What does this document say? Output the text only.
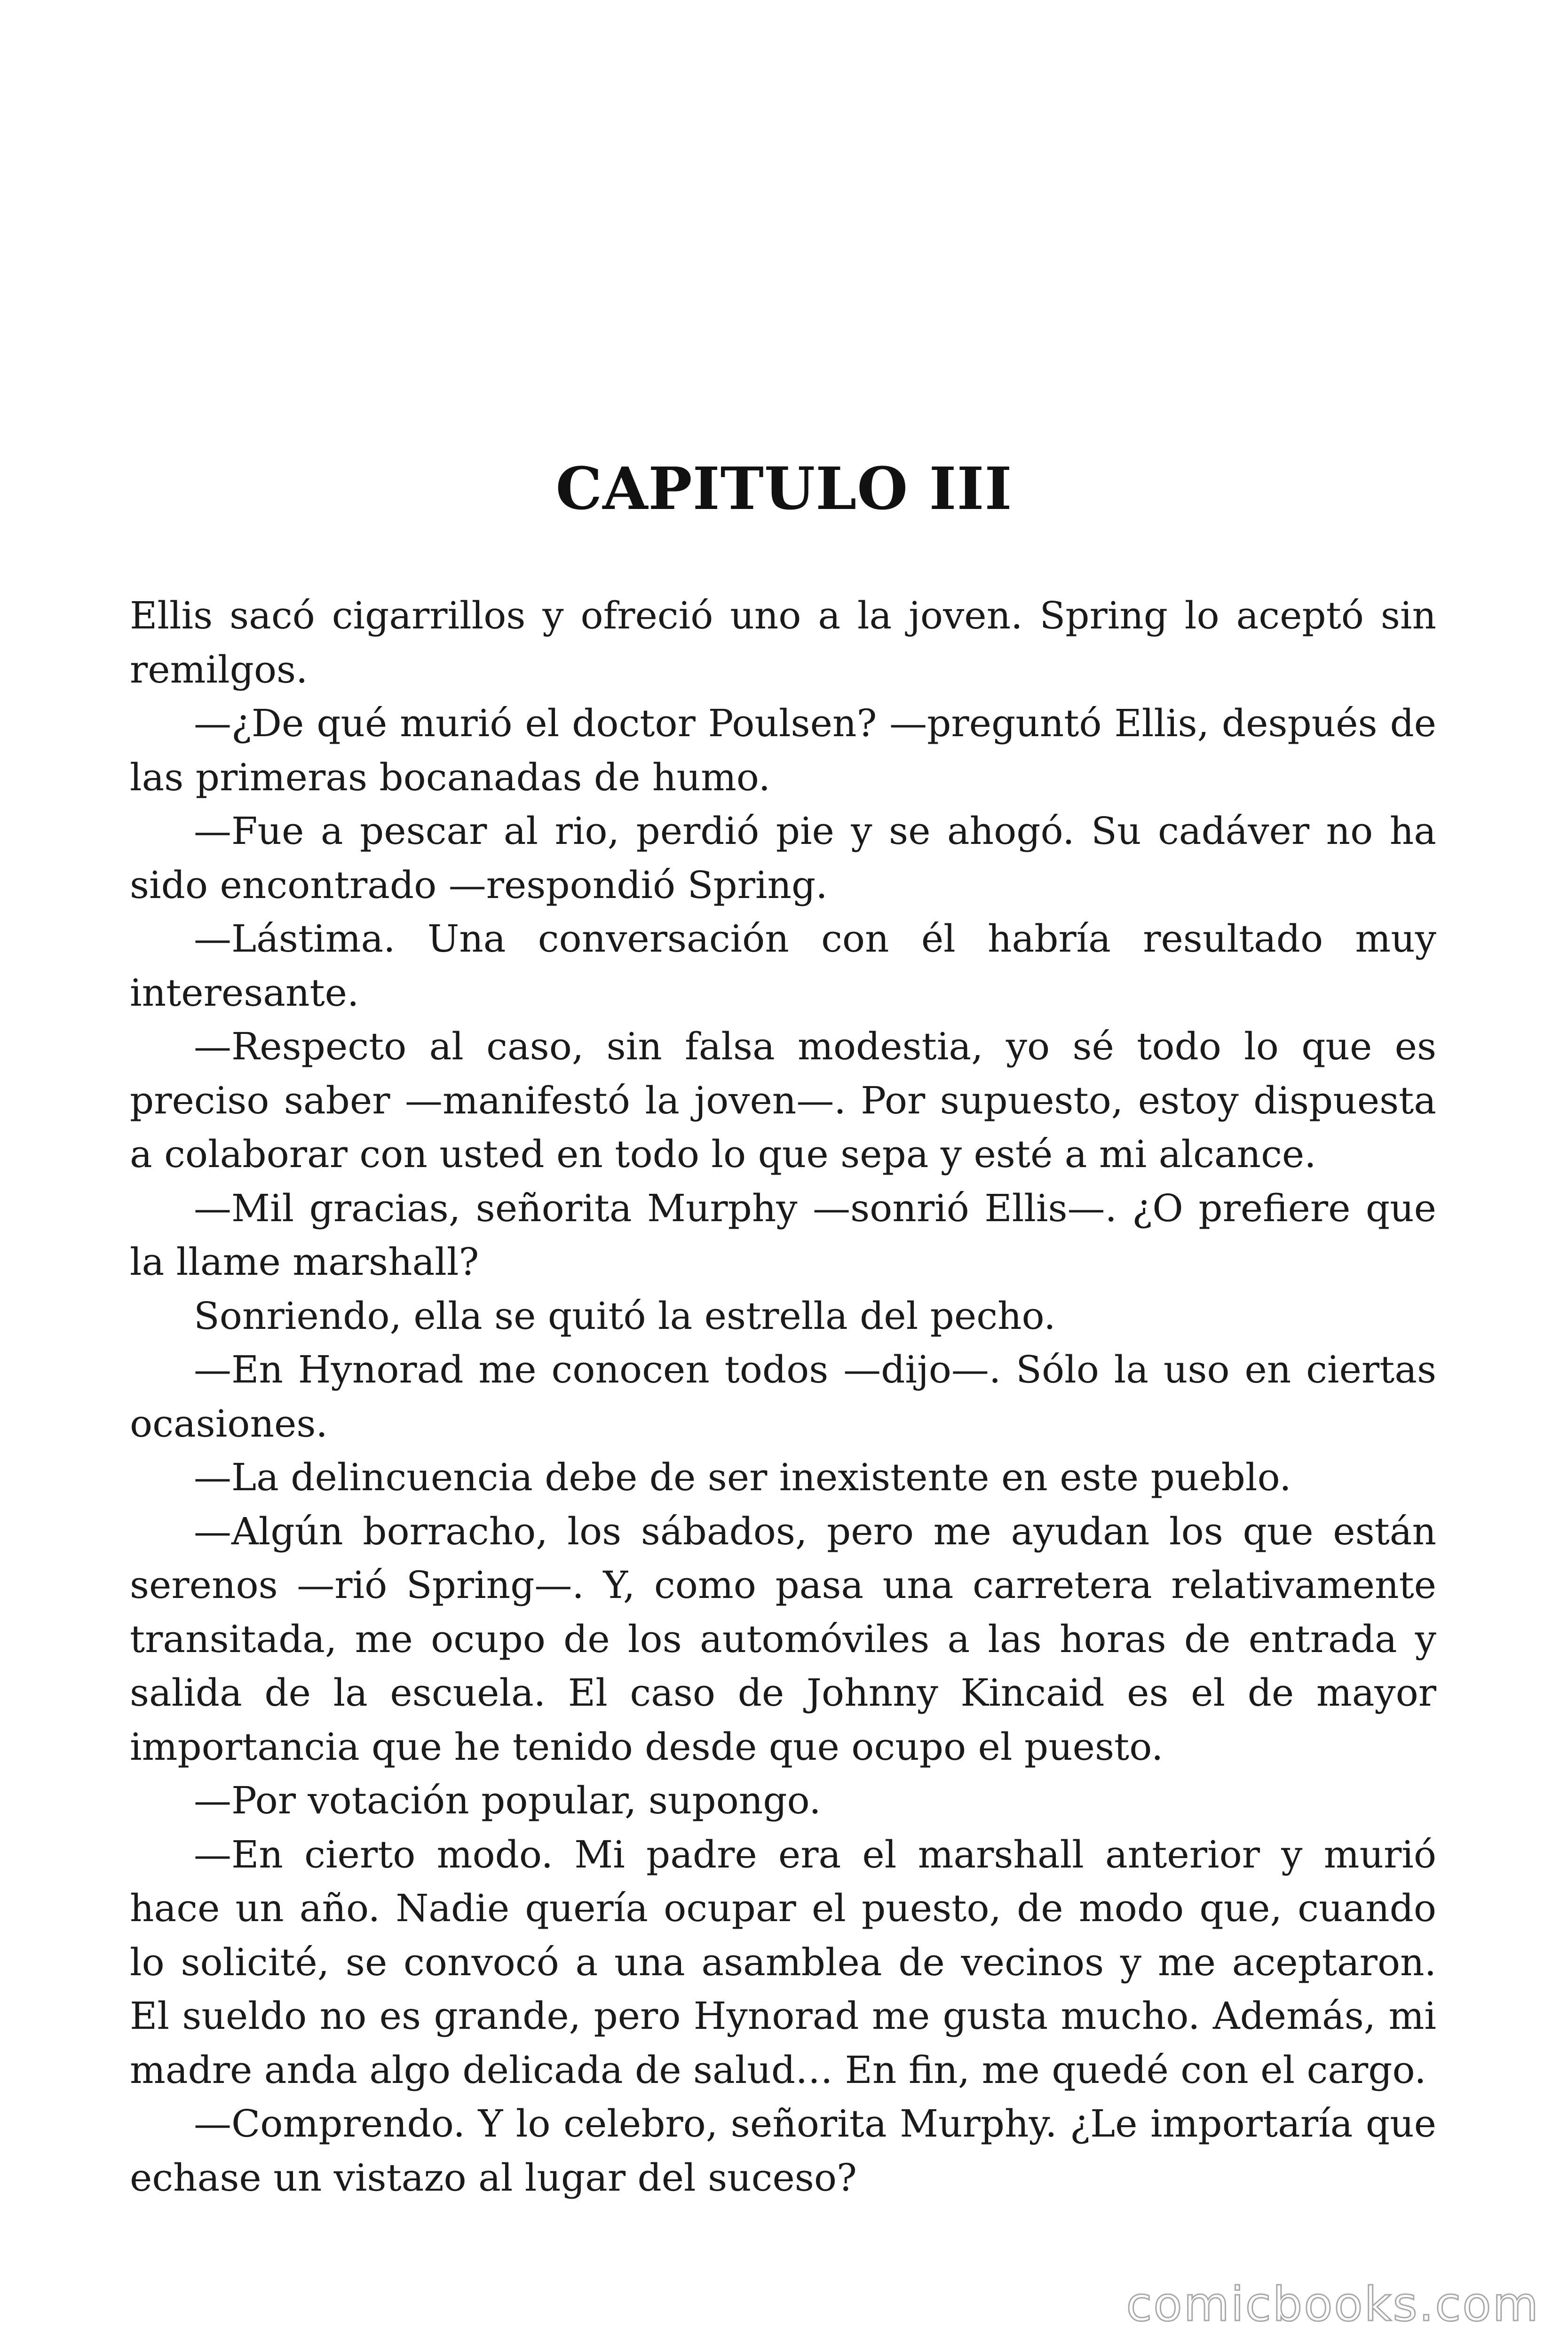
CAPITULO III

Ellis sacó cigarrillos y ofreció uno a la joven. Spring lo aceptó sin remilgos.

—¿De qué murió el doctor Poulsen? —preguntó Ellis, después de las primeras bocanadas de humo.

—Fue a pescar al rio, perdió pie y se ahogó. Su cadáver no ha sido encontrado —respondió Spring.

—Lástima. Una conversación con él habría resultado muy interesante.

—Respecto al caso, sin falsa modestia, yo sé todo lo que es preciso saber —manifestó la joven—. Por supuesto, estoy dispuesta a colaborar con usted en todo lo que sepa y esté a mi alcance.

—Mil gracias, señorita Murphy —sonrió Ellis—. ¿O prefiere que la llame marshall?

Sonriendo, ella se quitó la estrella del pecho.

—En Hynorad me conocen todos —dijo—. Sólo la uso en ciertas ocasiones.

—La delincuencia debe de ser inexistente en este pueblo.

—Algún borracho, los sábados, pero me ayudan los que están serenos —rió Spring—. Y, como pasa una carretera relativamente transitada, me ocupo de los automóviles a las horas de entrada y salida de la escuela. El caso de Johnny Kincaid es el de mayor importancia que he tenido desde que ocupo el puesto.

—Por votación popular, supongo.

—En cierto modo. Mi padre era el marshall anterior y murió hace un año. Nadie quería ocupar el puesto, de modo que, cuando lo solicité, se convocó a una asamblea de vecinos y me aceptaron. El sueldo no es grande, pero Hynorad me gusta mucho. Además, mi madre anda algo delicada de salud… En fin, me quedé con el cargo.

—Comprendo. Y lo celebro, señorita Murphy. ¿Le importaría que echase un vistazo al lugar del suceso?

comicbooks.com
